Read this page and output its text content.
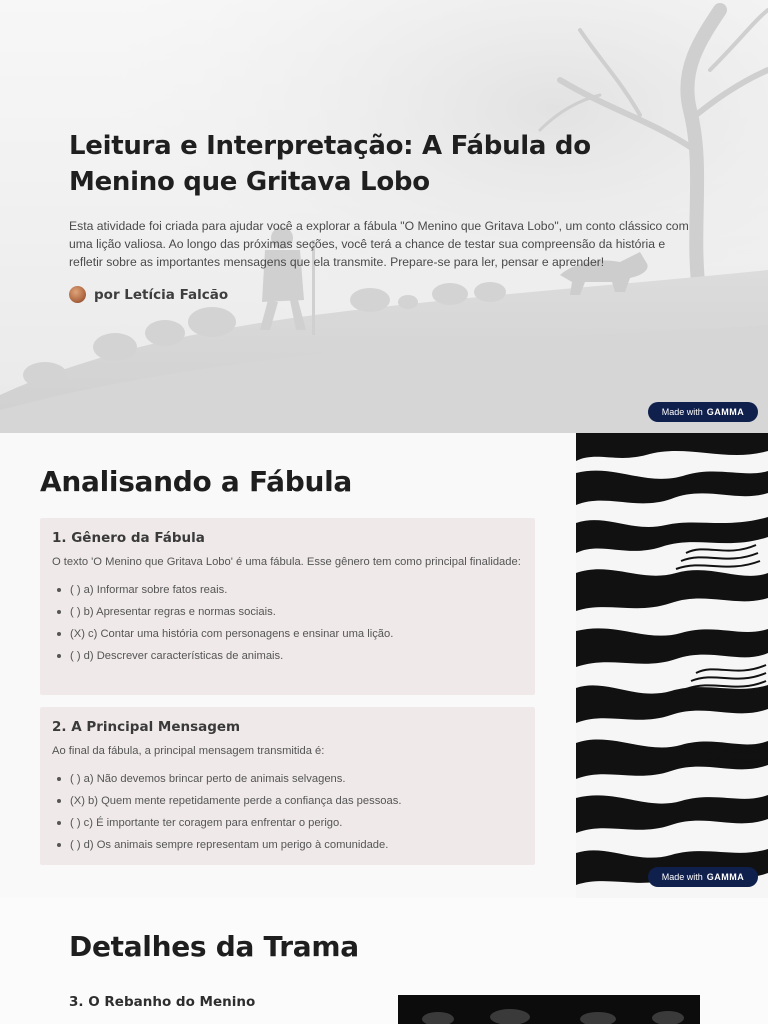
Leitura e Interpretação: A Fábula do Menino que Gritava Lobo

Esta atividade foi criada para ajudar você a explorar a fábula "O Menino que Gritava Lobo", um conto clássico com uma lição valiosa. Ao longo das próximas seções, você terá a chance de testar sua compreensão da história e refletir sobre as importantes mensagens que ela transmite. Prepare-se para ler, pensar e aprender!

por Letícia Falcão
Made with GAMMA
Analisando a Fábula
1. Gênero da Fábula

O texto 'O Menino que Gritava Lobo' é uma fábula. Esse gênero tem como principal finalidade:

( ) a) Informar sobre fatos reais.
( ) b) Apresentar regras e normas sociais.
(X) c) Contar uma história com personagens e ensinar uma lição.
( ) d) Descrever características de animais.
2. A Principal Mensagem

Ao final da fábula, a principal mensagem transmitida é:

( ) a) Não devemos brincar perto de animais selvagens.
(X) b) Quem mente repetidamente perde a confiança das pessoas.
( ) c) É importante ter coragem para enfrentar o perigo.
( ) d) Os animais sempre representam um perigo à comunidade.
Made with GAMMA
Detalhes da Trama
3. O Rebanho do Menino
